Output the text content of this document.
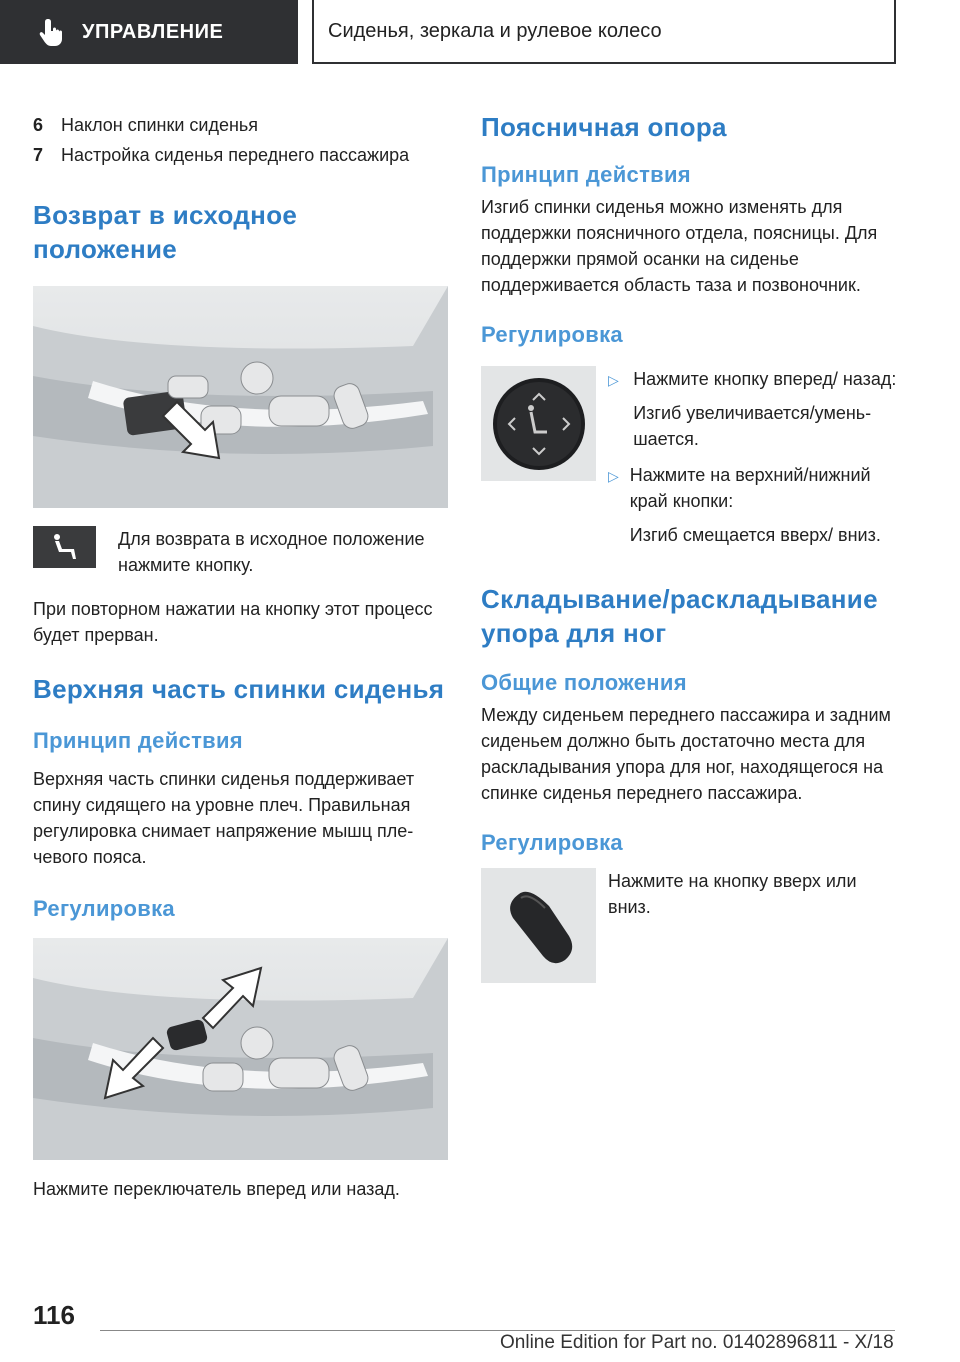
УПРАВЛЕНИЕ	Сиденья, зеркала и рулевое колесо
6 Наклон спинки сиденья
7 Настройка сиденья переднего пассажира
Возврат в исходное положение

Для возврата в исходное положение нажмите кнопку.

При повторном нажатии на кнопку этот процесс будет прерван.

Верхняя часть спинки сиденья
Принцип действия

Верхняя часть спинки сиденья поддерживает спину сидящего на уровне плеч. Правильная регулировка снимает напряжение мышц плечевого пояса.

Регулировка

Нажмите переключатель вперед или назад.

Поясничная опора
Принцип действия

Изгиб спинки сиденья можно изменять для поддержки поясничного отдела, поясницы. Для поддержки прямой осанки на сиденье поддерживается область таза и позвоночник.

Регулировка
▷ Нажмите кнопку вперед/ назад:

Изгиб увеличивается/уменьшается.

▷ Нажмите на верхний/нижний край кнопки:

Изгиб смещается вверх/ вниз.

Складывание/раскладывание упора для ног
Общие положения

Между сиденьем переднего пассажира и задним сиденьем должно быть достаточно места для раскладывания упора для ног, находящегося на спинке сиденья переднего пассажира.

Регулировка

Нажмите на кнопку вверх или вниз.

116
Online Edition for Part no. 01402896811 - X/18
